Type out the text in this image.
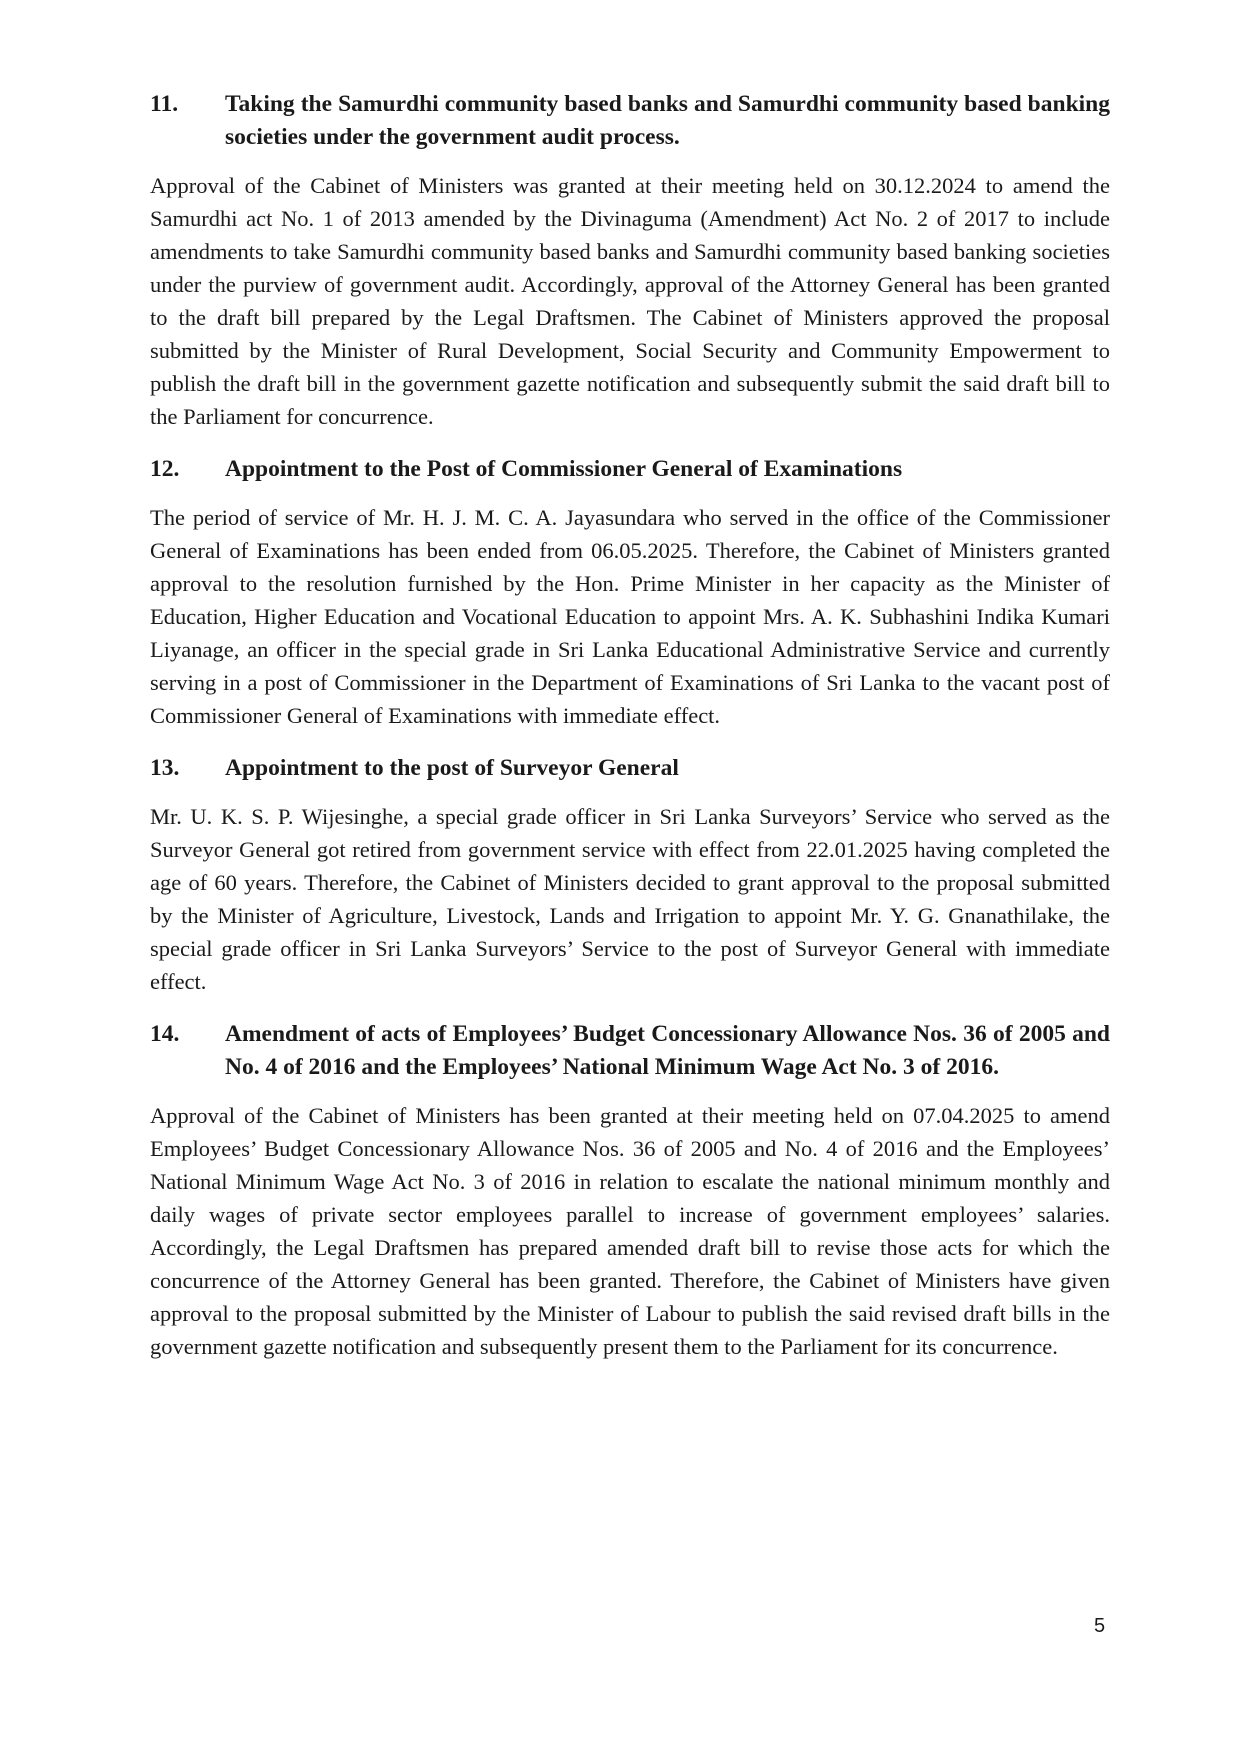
11.	Taking the Samurdhi community based banks and Samurdhi community based banking societies under the government audit process.

Approval of the Cabinet of Ministers was granted at their meeting held on 30.12.2024 to amend the Samurdhi act No. 1 of 2013 amended by the Divinaguma (Amendment) Act No. 2 of 2017 to include amendments to take Samurdhi community based banks and Samurdhi community based banking societies under the purview of government audit. Accordingly, approval of the Attorney General has been granted to the draft bill prepared by the Legal Draftsmen. The Cabinet of Ministers approved the proposal submitted by the Minister of Rural Development, Social Security and Community Empowerment to publish the draft bill in the government gazette notification and subsequently submit the said draft bill to the Parliament for concurrence.

12.	Appointment to the Post of Commissioner General of Examinations

The period of service of Mr. H. J. M. C. A. Jayasundara who served in the office of the Commissioner General of Examinations has been ended from 06.05.2025. Therefore, the Cabinet of Ministers granted approval to the resolution furnished by the Hon. Prime Minister in her capacity as the Minister of Education, Higher Education and Vocational Education to appoint Mrs. A. K. Subhashini Indika Kumari Liyanage, an officer in the special grade in Sri Lanka Educational Administrative Service and currently serving in a post of Commissioner in the Department of Examinations of Sri Lanka to the vacant post of Commissioner General of Examinations with immediate effect.

13.	Appointment to the post of Surveyor General

Mr. U. K. S. P. Wijesinghe, a special grade officer in Sri Lanka Surveyors’ Service who served as the Surveyor General got retired from government service with effect from 22.01.2025 having completed the age of 60 years. Therefore, the Cabinet of Ministers decided to grant approval to the proposal submitted by the Minister of Agriculture, Livestock, Lands and Irrigation to appoint Mr. Y. G. Gnanathilake, the special grade officer in Sri Lanka Surveyors’ Service to the post of Surveyor General with immediate effect.

14.	Amendment of acts of Employees’ Budget Concessionary Allowance Nos. 36 of 2005 and No. 4 of 2016 and the Employees’ National Minimum Wage Act No. 3 of 2016.

Approval of the Cabinet of Ministers has been granted at their meeting held on 07.04.2025 to amend Employees’ Budget Concessionary Allowance Nos. 36 of 2005 and No. 4 of 2016 and the Employees’ National Minimum Wage Act No. 3 of 2016 in relation to escalate the national minimum monthly and daily wages of private sector employees parallel to increase of government employees’ salaries. Accordingly, the Legal Draftsmen has prepared amended draft bill to revise those acts for which the concurrence of the Attorney General has been granted. Therefore, the Cabinet of Ministers have given approval to the proposal submitted by the Minister of Labour to publish the said revised draft bills in the government gazette notification and subsequently present them to the Parliament for its concurrence.

5
